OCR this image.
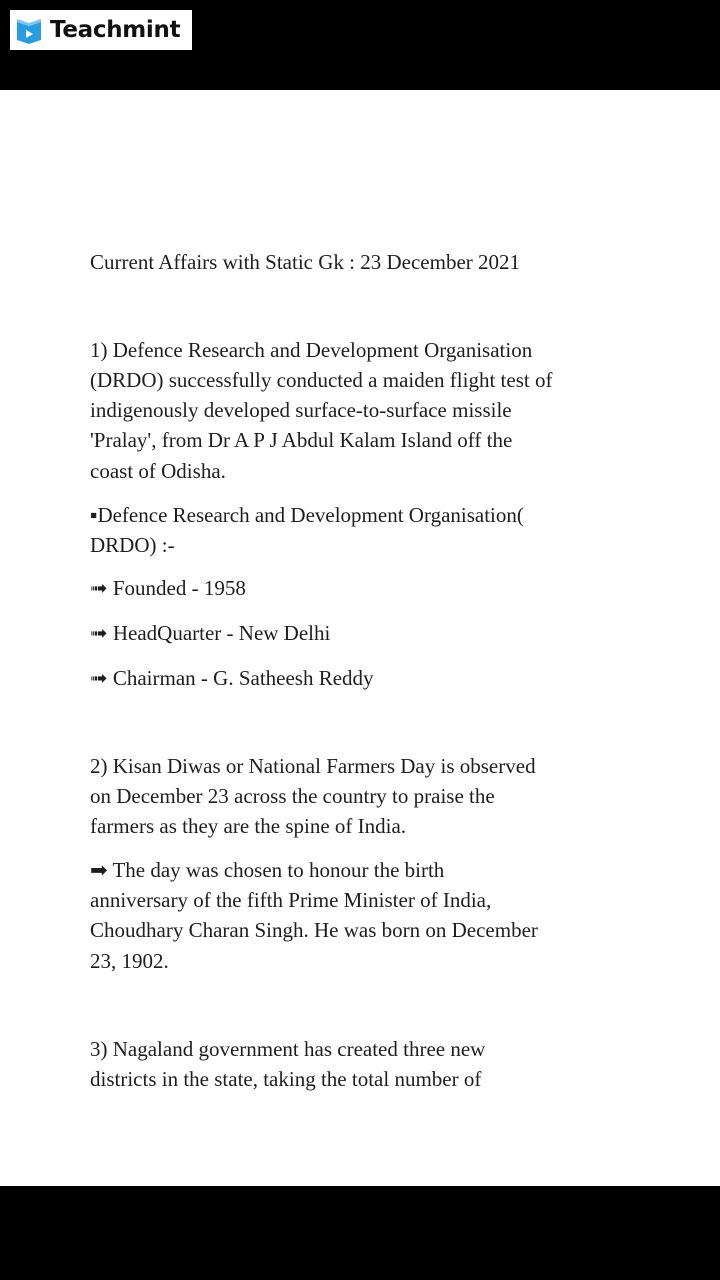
Teachmint
Current Affairs with Static Gk : 23 December 2021
1) Defence Research and Development Organisation
(DRDO) successfully conducted a maiden flight test of
indigenously developed surface-to-surface missile
'Pralay', from Dr A P J Abdul Kalam Island off the
coast of Odisha.
▪Defence Research and Development Organisation(
DRDO) :-
➟ Founded - 1958
➟ HeadQuarter - New Delhi
➟ Chairman - G. Satheesh Reddy
2) Kisan Diwas or National Farmers Day is observed
on December 23 across the country to praise the
farmers as they are the spine of India.
➡ The day was chosen to honour the birth
anniversary of the fifth Prime Minister of India,
Choudhary Charan Singh. He was born on December
23, 1902.
3) Nagaland government has created three new
districts in the state, taking the total number of
